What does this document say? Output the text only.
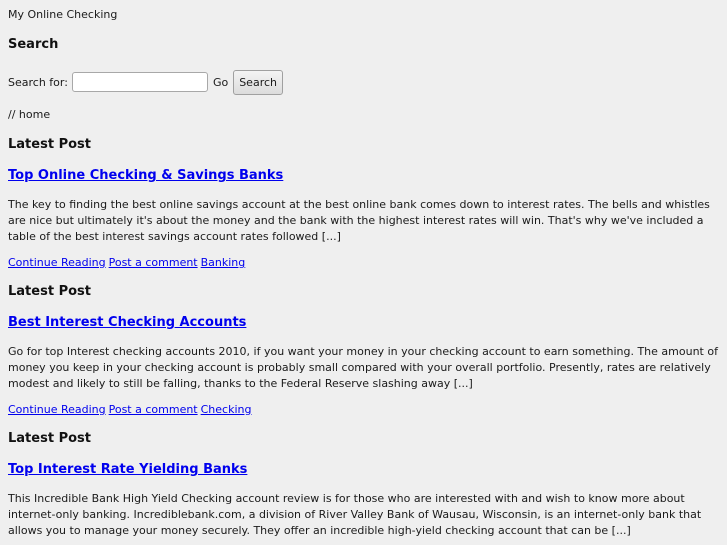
My Online Checking
Search
Search for:	Go	Search
// home
Latest Post
Top Online Checking & Savings Banks
The key to finding the best online savings account at the best online bank comes down to interest rates. The bells and whistles are nice but ultimately it's about the money and the bank with the highest interest rates will win. That's why we've included a table of the best interest savings account rates followed [...]
Continue Reading Post a comment Banking
Latest Post
Best Interest Checking Accounts
Go for top Interest checking accounts 2010, if you want your money in your checking account to earn something. The amount of money you keep in your checking account is probably small compared with your overall portfolio. Presently, rates are relatively modest and likely to still be falling, thanks to the Federal Reserve slashing away [...]
Continue Reading Post a comment Checking
Latest Post
Top Interest Rate Yielding Banks
This Incredible Bank High Yield Checking account review is for those who are interested with and wish to know more about internet-only banking. Incrediblebank.com, a division of River Valley Bank of Wausau, Wisconsin, is an internet-only bank that allows you to manage your money securely. They offer an incredible high-yield checking account that can be [...]
